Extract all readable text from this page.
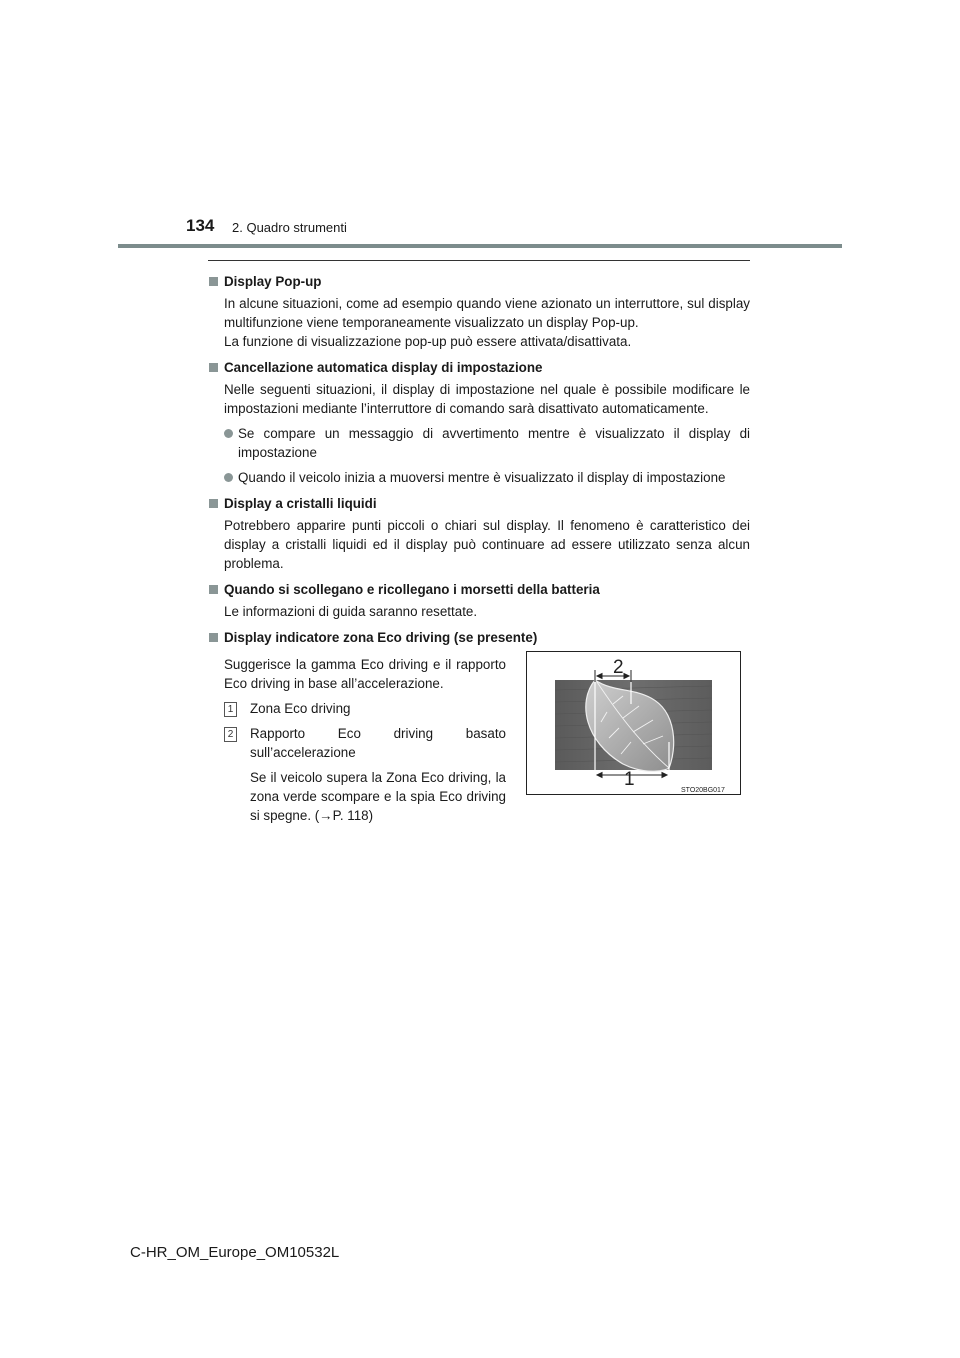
134 2. Quadro strumenti
Display Pop-up

In alcune situazioni, come ad esempio quando viene azionato un interruttore, sul display multifunzione viene temporaneamente visualizzato un display Pop-up.

La funzione di visualizzazione pop-up può essere attivata/disattivata.

Cancellazione automatica display di impostazione
Nelle seguenti situazioni, il display di impostazione nel quale è possibile modificare le impostazioni mediante l’interruttore di comando sarà disattivato automaticamente.
Se compare un messaggio di avvertimento mentre è visualizzato il display di impostazione
Quando il veicolo inizia a muoversi mentre è visualizzato il display di impostazione
Display a cristalli liquidi
Potrebbero apparire punti piccoli o chiari sul display. Il fenomeno è caratteristico dei display a cristalli liquidi ed il display può continuare ad essere utilizzato senza alcun problema.
Quando si scollegano e ricollegano i morsetti della batteria
Le informazioni di guida saranno resettate.
Display indicatore zona Eco driving (se presente)
Suggerisce la gamma Eco driving e il rapporto Eco driving in base all’accelerazione.
1 Zona Eco driving
2 Rapporto Eco driving basato sull’accelerazione
Se il veicolo supera la Zona Eco driving, la zona verde scompare e la spia Eco driving si spegne. (→P. 118)
2
1
STO20BG017
C-HR_OM_Europe_OM10532L
